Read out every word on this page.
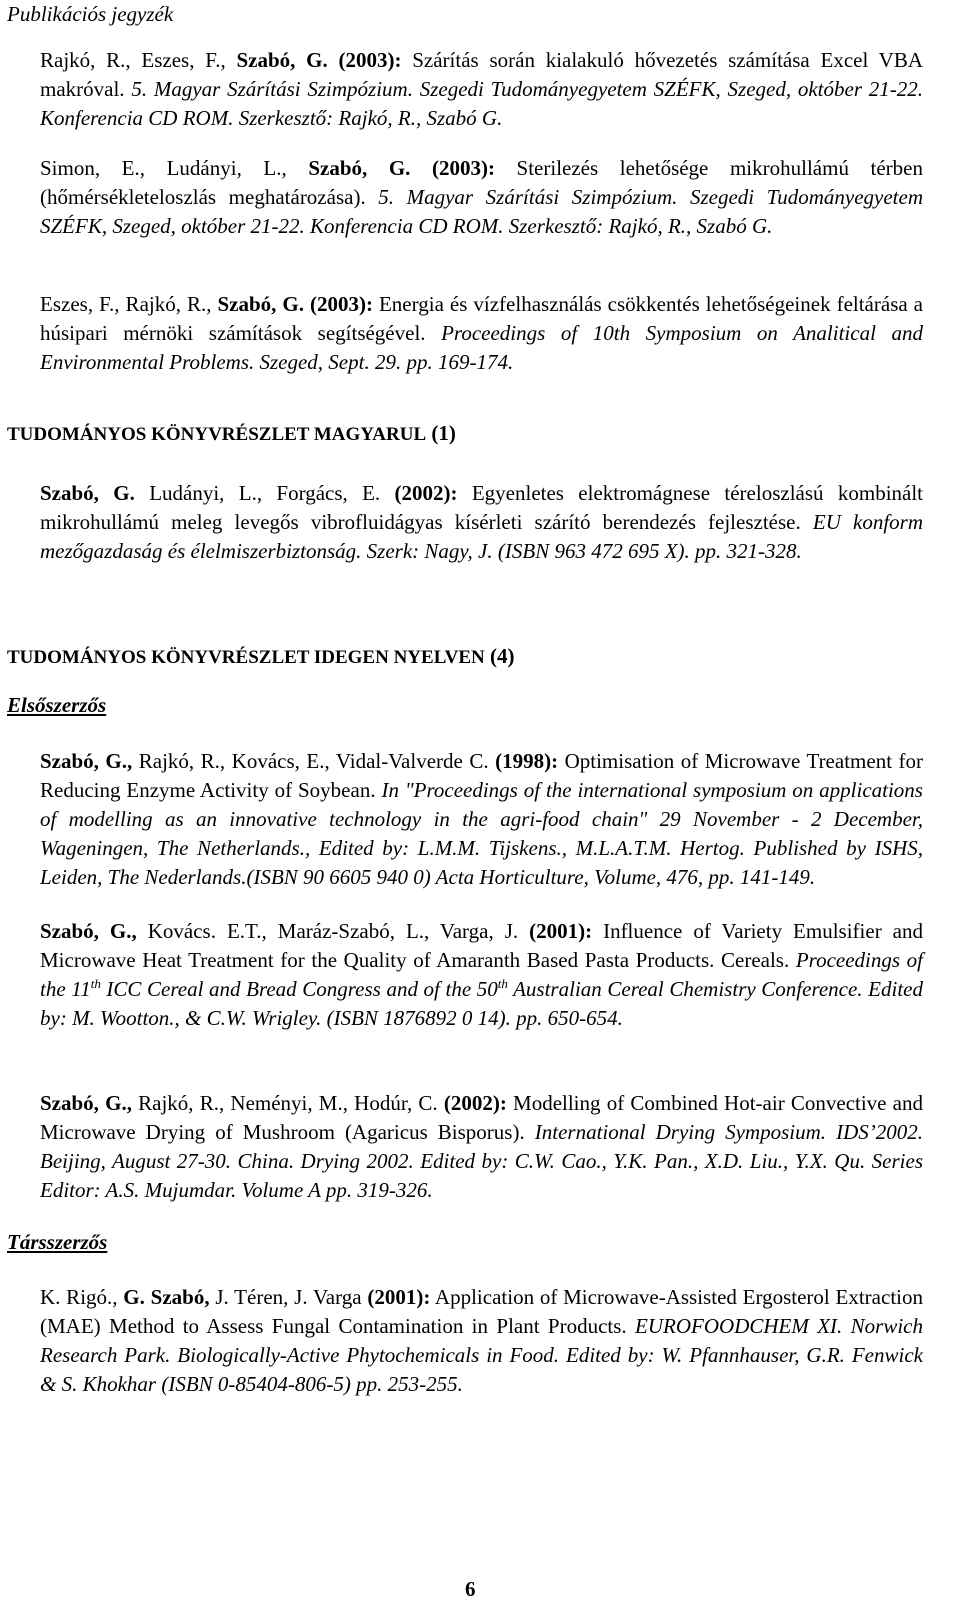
Publikációs jegyzék
Rajkó, R., Eszes, F., Szabó, G. (2003): Szárítás során kialakuló hővezetés számítása Excel VBA makróval. 5. Magyar Szárítási Szimpózium. Szegedi Tudományegyetem SZÉFK, Szeged, október 21-22. Konferencia CD ROM. Szerkesztő: Rajkó, R., Szabó G.
Simon, E., Ludányi, L., Szabó, G. (2003): Sterilezés lehetősége mikrohullámú térben (hőmérsékleteloszlás meghatározása). 5. Magyar Szárítási Szimpózium. Szegedi Tudományegyetem SZÉFK, Szeged, október 21-22. Konferencia CD ROM. Szerkesztő: Rajkó, R., Szabó G.
Eszes, F., Rajkó, R., Szabó, G. (2003): Energia és vízfelhasználás csökkentés lehetőségeinek feltárása a húsipari mérnöki számítások segítségével. Proceedings of 10th Symposium on Analitical and Environmental Problems. Szeged, Sept. 29. pp. 169-174.
TUDOMÁNYOS KÖNYVRÉSZLET MAGYARUL (1)
Szabó, G. Ludányi, L., Forgács, E. (2002): Egyenletes elektromágnese téreloszlású kombinált mikrohullámú meleg levegős vibrofluidágyas kísérleti szárító berendezés fejlesztése. EU konform mezőgazdaság és élelmiszerbiztonság. Szerk: Nagy, J. (ISBN 963 472 695 X). pp. 321-328.
TUDOMÁNYOS KÖNYVRÉSZLET IDEGEN NYELVEN (4)
Elsőszerzős
Szabó, G., Rajkó, R., Kovács, E., Vidal-Valverde C. (1998): Optimisation of Microwave Treatment for Reducing Enzyme Activity of Soybean. In "Proceedings of the international symposium on applications of modelling as an innovative technology in the agri-food chain" 29 November - 2 December, Wageningen, The Netherlands., Edited by: L.M.M. Tijskens., M.L.A.T.M. Hertog. Published by ISHS, Leiden, The Nederlands.(ISBN 90 6605 940 0) Acta Horticulture, Volume, 476, pp. 141-149.
Szabó, G., Kovács. E.T., Maráz-Szabó, L., Varga, J. (2001): Influence of Variety Emulsifier and Microwave Heat Treatment for the Quality of Amaranth Based Pasta Products. Cereals. Proceedings of the 11th ICC Cereal and Bread Congress and of the 50th Australian Cereal Chemistry Conference. Edited by: M. Wootton., & C.W. Wrigley. (ISBN 1876892 0 14). pp. 650-654.
Szabó, G., Rajkó, R., Neményi, M., Hodúr, C. (2002): Modelling of Combined Hot-air Convective and Microwave Drying of Mushroom (Agaricus Bisporus). International Drying Symposium. IDS’2002. Beijing, August 27-30. China. Drying 2002. Edited by: C.W. Cao., Y.K. Pan., X.D. Liu., Y.X. Qu. Series Editor: A.S. Mujumdar. Volume A pp. 319-326.
Társszerzős
K. Rigó., G. Szabó, J. Téren, J. Varga (2001): Application of Microwave-Assisted Ergosterol Extraction (MAE) Method to Assess Fungal Contamination in Plant Products. EUROFOODCHEM XI. Norwich Research Park. Biologically-Active Phytochemicals in Food. Edited by: W. Pfannhauser, G.R. Fenwick & S. Khokhar (ISBN 0-85404-806-5) pp. 253-255.
6
